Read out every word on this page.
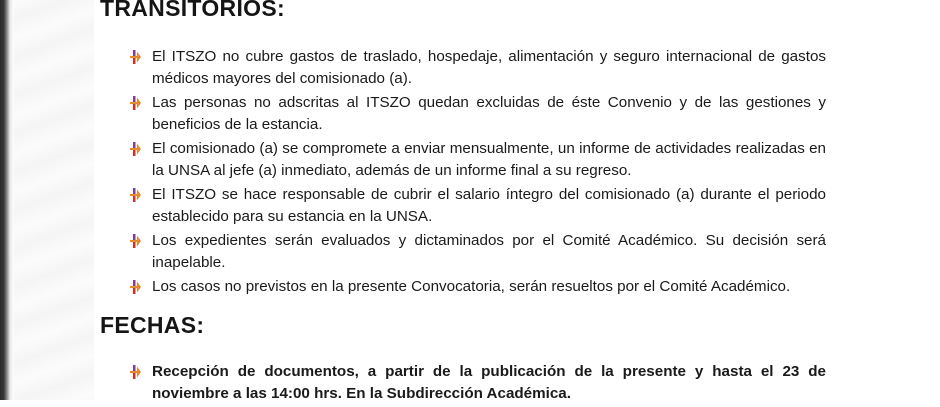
TRANSITORIOS:
El ITSZO no cubre gastos de traslado, hospedaje, alimentación y seguro internacional de gastos médicos mayores del comisionado (a).
Las personas no adscritas al ITSZO quedan excluidas de éste Convenio y de las gestiones y beneficios de la estancia.
El comisionado (a) se compromete a enviar mensualmente, un informe de actividades realizadas en la UNSA al jefe (a) inmediato, además de un informe final a su regreso.
El ITSZO se hace responsable de cubrir el salario íntegro del comisionado (a) durante el periodo establecido para su estancia en la UNSA.
Los expedientes serán evaluados y dictaminados por el Comité Académico. Su decisión será inapelable.
Los casos no previstos en la presente Convocatoria, serán resueltos por el Comité Académico.
FECHAS:
Recepción de documentos, a partir de la publicación de la presente y hasta el 23 de noviembre a las 14:00 hrs. En la Subdirección Académica.
